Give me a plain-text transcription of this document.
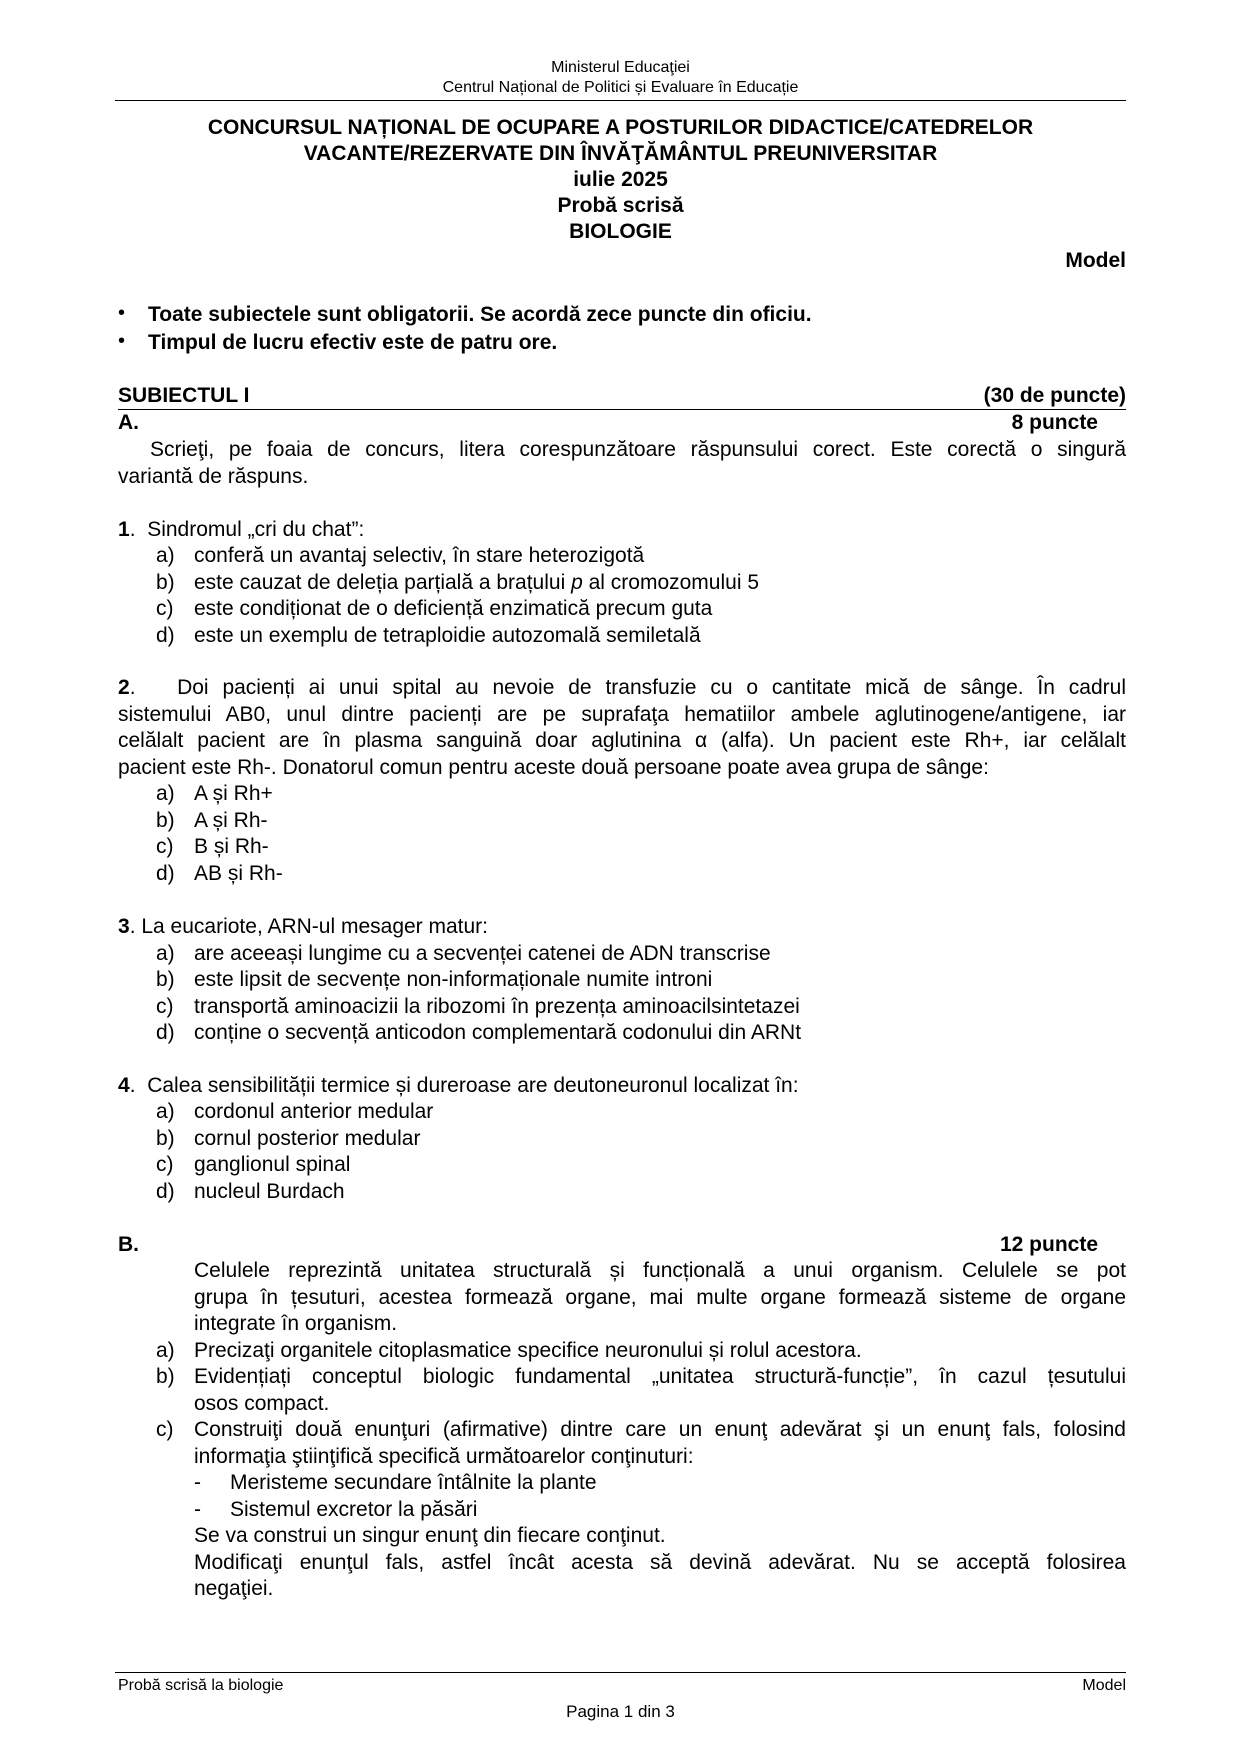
Ministerul Educaţiei
Centrul Național de Politici și Evaluare în Educație
CONCURSUL NAȚIONAL DE OCUPARE A POSTURILOR DIDACTICE/CATEDRELOR
VACANTE/REZERVATE DIN ÎNVĂŢĂMÂNTUL PREUNIVERSITAR
iulie 2025
Probă scrisă
BIOLOGIE
Model
• Toate subiectele sunt obligatorii. Se acordă zece puncte din oficiu.
• Timpul de lucru efectiv este de patru ore.
SUBIECTUL I	(30 de puncte)
A.	8 puncte
Scrieţi, pe foaia de concurs, litera corespunzătoare răspunsului corect. Este corectă o singură
variantă de răspuns.
1.  Sindromul „cri du chat”:
a) conferă un avantaj selectiv, în stare heterozigotă
b) este cauzat de deleția parțială a brațului p al cromozomului 5
c) este condiționat de o deficiență enzimatică precum guta
d) este un exemplu de tetraploidie autozomală semiletală
2.   Doi pacienți ai unui spital au nevoie de transfuzie cu o cantitate mică de sânge. În cadrul
sistemului AB0, unul dintre pacienți are pe suprafaţa hematiilor ambele aglutinogene/antigene, iar
celălalt pacient are în plasma sanguină doar aglutinina α (alfa). Un pacient este Rh+, iar celălalt
pacient este Rh-. Donatorul comun pentru aceste două persoane poate avea grupa de sânge:
a) A și Rh+
b) A și Rh-
c) B și Rh-
d) AB și Rh-
3. La eucariote, ARN-ul mesager matur:
a) are aceeași lungime cu a secvenței catenei de ADN transcrise
b) este lipsit de secvențe non-informaționale numite introni
c) transportă aminoacizii la ribozomi în prezența aminoacilsintetazei
d) conține o secvență anticodon complementară codonului din ARNt
4.  Calea sensibilității termice și dureroase are deutoneuronul localizat în:
a) cordonul anterior medular
b) cornul posterior medular
c) ganglionul spinal
d) nucleul Burdach
B.	12 puncte
Celulele reprezintă unitatea structurală și funcțională a unui organism. Celulele se pot
grupa în țesuturi, acestea formează organe, mai multe organe formează sisteme de organe
integrate în organism.
a) Precizaţi organitele citoplasmatice specifice neuronului și rolul acestora.
b) Evidențiați conceptul biologic fundamental „unitatea structură-funcție”, în cazul țesutului
osos compact.
c) Construiţi două enunţuri (afirmative) dintre care un enunţ adevărat şi un enunţ fals, folosind
informaţia ştiinţifică specifică următoarelor conţinuturi:
- Meristeme secundare întâlnite la plante
- Sistemul excretor la păsări
Se va construi un singur enunţ din fiecare conţinut.
Modificaţi enunţul fals, astfel încât acesta să devină adevărat. Nu se acceptă folosirea
negaţiei.
Probă scrisă la biologie	Model
Pagina 1 din 3
